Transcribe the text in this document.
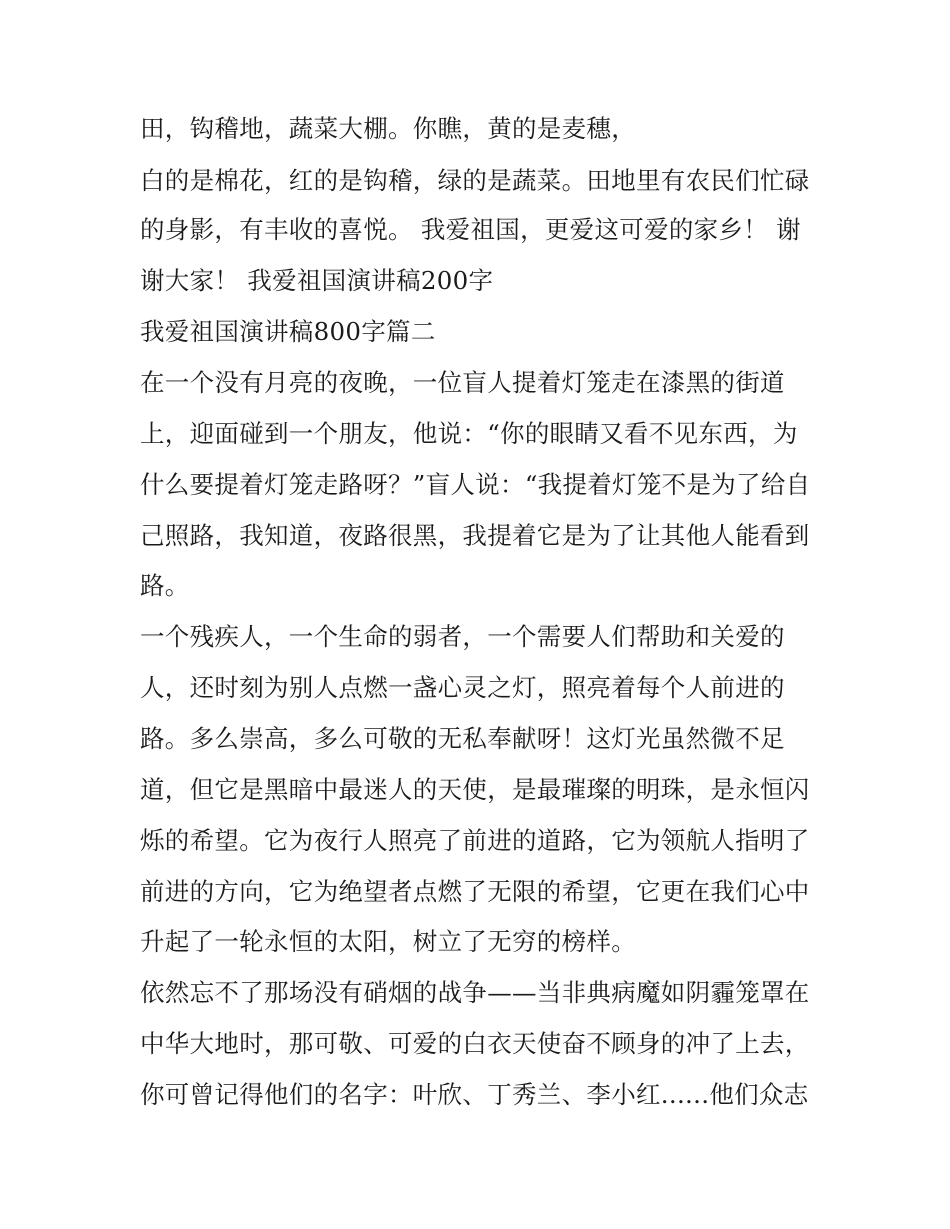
田，钩稽地，蔬菜大棚。你瞧，黄的是麦穗，
白的是棉花，红的是钩稽，绿的是蔬菜。田地里有农民们忙碌
的身影，有丰收的喜悦。 我爱祖国，更爱这可爱的家乡！ 谢
谢大家！ 我爱祖国演讲稿200字
我爱祖国演讲稿800字篇二
在一个没有月亮的夜晚，一位盲人提着灯笼走在漆黑的街道
上，迎面碰到一个朋友，他说：“你的眼睛又看不见东西，为
什么要提着灯笼走路呀？”盲人说：“我提着灯笼不是为了给自
己照路，我知道，夜路很黑，我提着它是为了让其他人能看到
路。
一个残疾人，一个生命的弱者，一个需要人们帮助和关爱的
人，还时刻为别人点燃一盏心灵之灯，照亮着每个人前进的
路。多么崇高，多么可敬的无私奉献呀！这灯光虽然微不足
道，但它是黑暗中最迷人的天使，是最璀璨的明珠，是永恒闪
烁的希望。它为夜行人照亮了前进的道路，它为领航人指明了
前进的方向，它为绝望者点燃了无限的希望，它更在我们心中
升起了一轮永恒的太阳，树立了无穷的榜样。
依然忘不了那场没有硝烟的战争——当非典病魔如阴霾笼罩在
中华大地时，那可敬、可爱的白衣天使奋不顾身的冲了上去，
你可曾记得他们的名字：叶欣、丁秀兰、李小红......他们众志
